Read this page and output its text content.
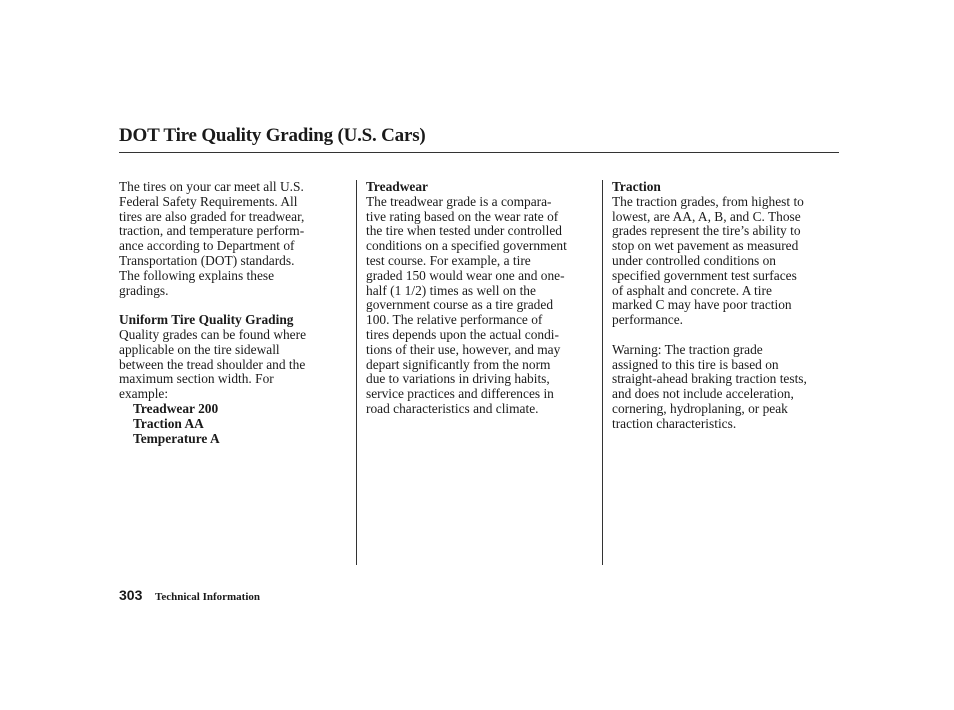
DOT Tire Quality Grading (U.S. Cars)
The tires on your car meet all U.S.
Federal Safety Requirements. All
tires are also graded for treadwear,
traction, and temperature perform-
ance according to Department of
Transportation (DOT) standards.
The following explains these
gradings.
Uniform Tire Quality Grading
Quality grades can be found where
applicable on the tire sidewall
between the tread shoulder and the
maximum section width. For
example:
Treadwear 200
Traction AA
Temperature A
Treadwear
The treadwear grade is a compara-
tive rating based on the wear rate of
the tire when tested under controlled
conditions on a specified government
test course. For example, a tire
graded 150 would wear one and one-
half (1 1/2) times as well on the
government course as a tire graded
100. The relative performance of
tires depends upon the actual condi-
tions of their use, however, and may
depart significantly from the norm
due to variations in driving habits,
service practices and differences in
road characteristics and climate.
Traction
The traction grades, from highest to
lowest, are AA, A, B, and C. Those
grades represent the tire’s ability to
stop on wet pavement as measured
under controlled conditions on
specified government test surfaces
of asphalt and concrete. A tire
marked C may have poor traction
performance.
Warning: The traction grade
assigned to this tire is based on
straight-ahead braking traction tests,
and does not include acceleration,
cornering, hydroplaning, or peak
traction characteristics.
303 Technical Information
